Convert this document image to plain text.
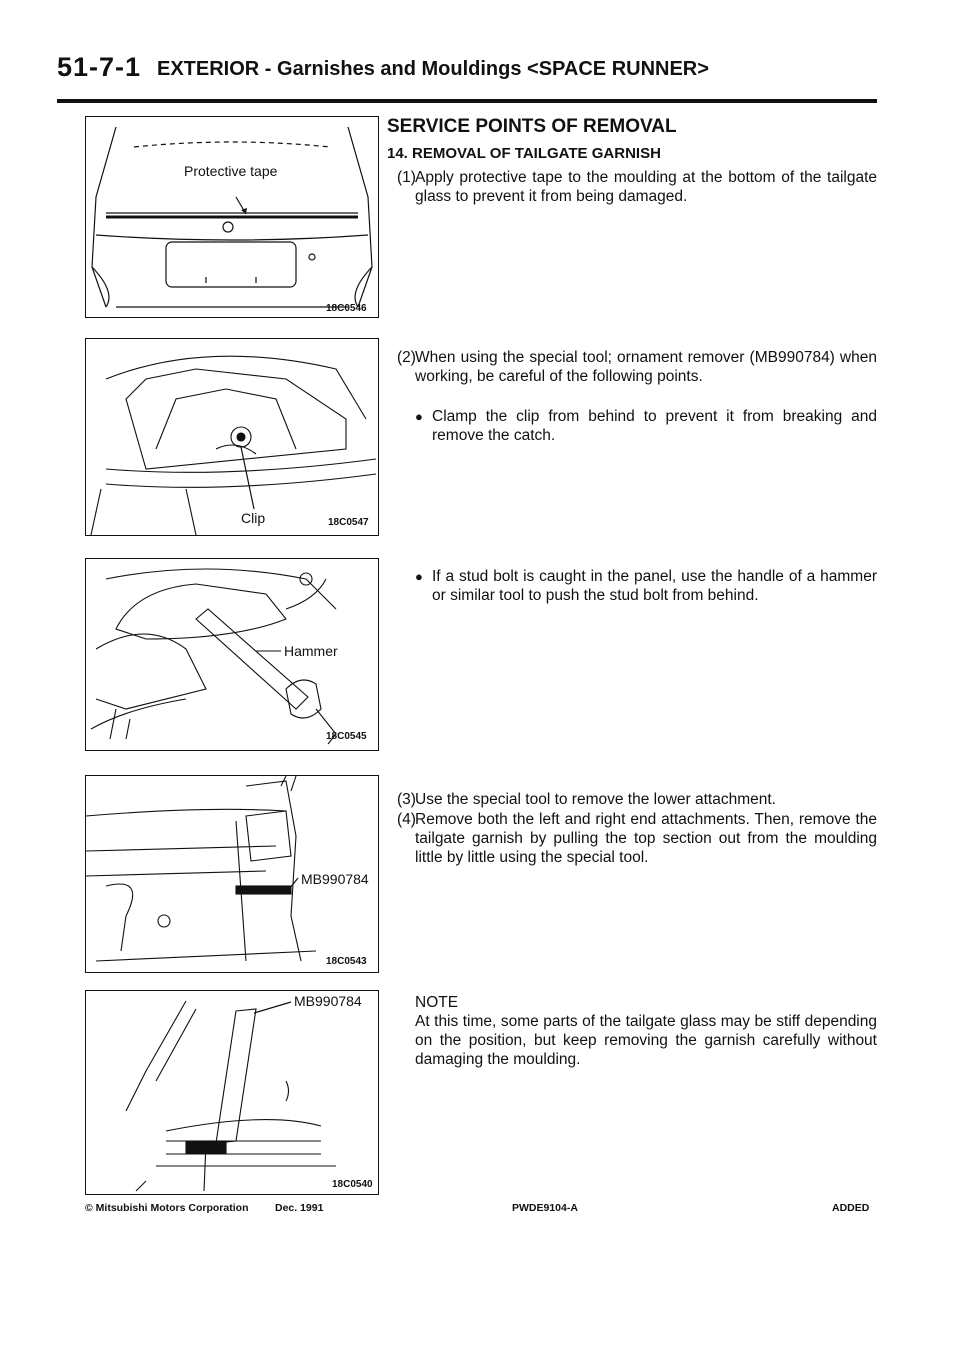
51-7-1 EXTERIOR - Garnishes and Mouldings <SPACE RUNNER>
Protective tape
18C0546
Clip	18C0547
Hammer
18C0545
MB990784
18C0543
MB990784
18C0540
SERVICE POINTS OF REMOVAL
14. REMOVAL OF TAILGATE GARNISH
(1) Apply protective tape to the moulding at the bottom of the tailgate glass to prevent it from being damaged.
(2) When using the special tool; ornament remover (MB990784) when working, be careful of the following points.
● Clamp the clip from behind to prevent it from breaking and remove the catch.
● If a stud bolt is caught in the panel, use the handle of a hammer or similar tool to push the stud bolt from behind.
(3) Use the special tool to remove the lower attachment.
(4) Remove both the left and right end attachments. Then, remove the tailgate garnish by pulling the top section out from the moulding little by little using the special tool.
NOTE
At this time, some parts of the tailgate glass may be stiff depending on the position, but keep removing the garnish carefully without damaging the moulding.
© Mitsubishi Motors Corporation	Dec. 1991	PWDE9104-A	ADDED
